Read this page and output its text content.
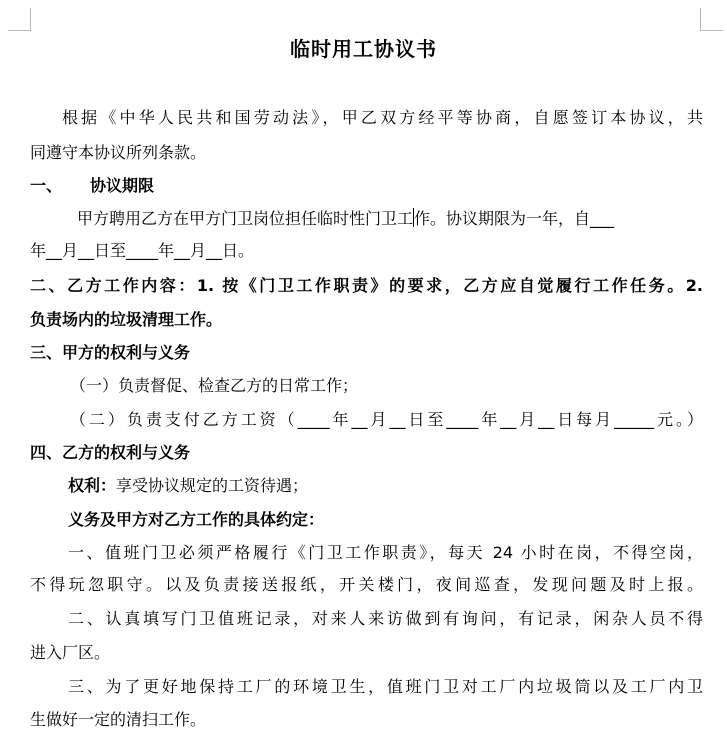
临时用工协议书
根据《中华人民共和国劳动法》，甲乙双方经平等协商，自愿签订本协议，共
同遵守本协议所列条款。
一、 协议期限
甲方聘用乙方在甲方门卫岗位担任临时性门卫工作。协议期限为一年，自___
年__月__日至____年__月__日。
二、乙方工作内容：1. 按《门卫工作职责》的要求，乙方应自觉履行工作任务。2.
负责场内的垃圾清理工作。
三、甲方的权利与义务
（一）负责督促、检查乙方的日常工作；
（二）负责支付乙方工资（____年__月__日至____年__月__日每月_____元。）
四、乙方的权利与义务
权利：享受协议规定的工资待遇；
义务及甲方对乙方工作的具体约定：
一、值班门卫必须严格履行《门卫工作职责》，每天 24 小时在岗，不得空岗，
不得玩忽职守。以及负责接送报纸，开关楼门，夜间巡查，发现问题及时上报。
二、认真填写门卫值班记录，对来人来访做到有询问，有记录，闲杂人员不得
进入厂区。
三、为了更好地保持工厂的环境卫生，值班门卫对工厂内垃圾筒以及工厂内卫
生做好一定的清扫工作。
